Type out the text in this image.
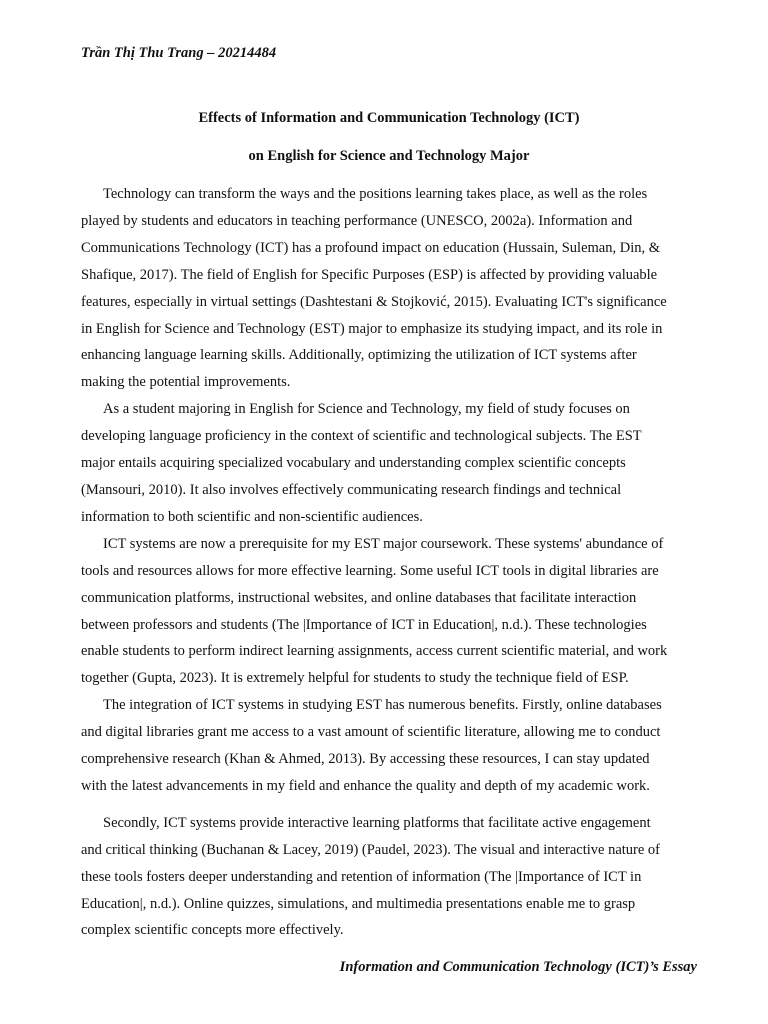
Trần Thị Thu Trang – 20214484
Effects of Information and Communication Technology (ICT)
on English for Science and Technology Major
Technology can transform the ways and the positions learning takes place, as well as the roles
played by students and educators in teaching performance (UNESCO, 2002a). Information and
Communications Technology (ICT) has a profound impact on education (Hussain, Suleman, Din, &
Shafique, 2017). The field of English for Specific Purposes (ESP) is affected by providing valuable
features, especially in virtual settings (Dashtestani & Stojković, 2015). Evaluating ICT's significance
in English for Science and Technology (EST) major to emphasize its studying impact, and its role in
enhancing language learning skills. Additionally, optimizing the utilization of ICT systems after
making the potential improvements.
As a student majoring in English for Science and Technology, my field of study focuses on
developing language proficiency in the context of scientific and technological subjects. The EST
major entails acquiring specialized vocabulary and understanding complex scientific concepts
(Mansouri, 2010). It also involves effectively communicating research findings and technical
information to both scientific and non-scientific audiences.
ICT systems are now a prerequisite for my EST major coursework. These systems' abundance of
tools and resources allows for more effective learning. Some useful ICT tools in digital libraries are
communication platforms, instructional websites, and online databases that facilitate interaction
between professors and students (The |Importance of ICT in Education|, n.d.). These technologies
enable students to perform indirect learning assignments, access current scientific material, and work
together (Gupta, 2023). It is extremely helpful for students to study the technique field of ESP.
The integration of ICT systems in studying EST has numerous benefits. Firstly, online databases
and digital libraries grant me access to a vast amount of scientific literature, allowing me to conduct
comprehensive research (Khan & Ahmed, 2013). By accessing these resources, I can stay updated
with the latest advancements in my field and enhance the quality and depth of my academic work.
Secondly, ICT systems provide interactive learning platforms that facilitate active engagement
and critical thinking (Buchanan & Lacey, 2019) (Paudel, 2023). The visual and interactive nature of
these tools fosters deeper understanding and retention of information (The |Importance of ICT in
Education|, n.d.). Online quizzes, simulations, and multimedia presentations enable me to grasp
complex scientific concepts more effectively.
Information and Communication Technology (ICT)’s Essay
